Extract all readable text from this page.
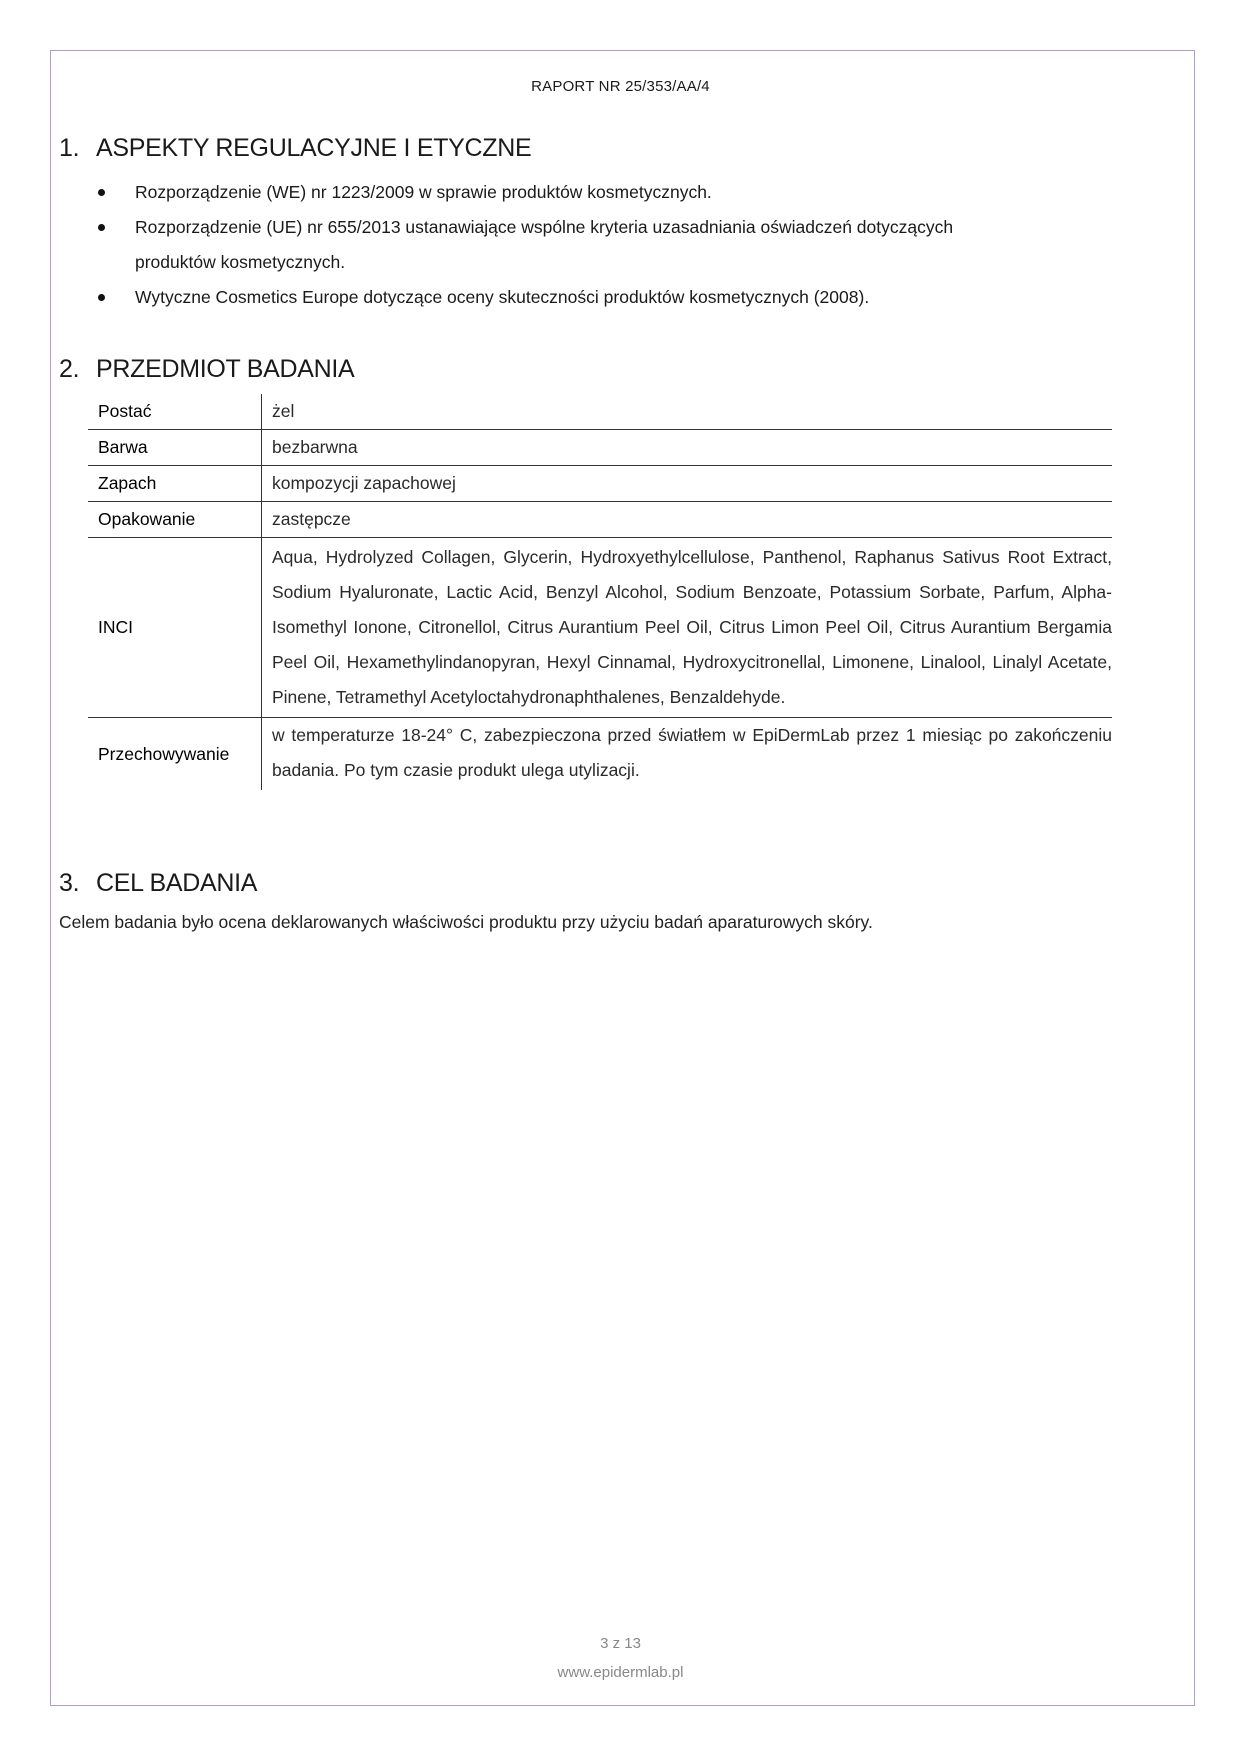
RAPORT NR 25/353/AA/4
1. ASPEKTY REGULACYJNE I ETYCZNE
Rozporządzenie (WE) nr 1223/2009 w sprawie produktów kosmetycznych.
Rozporządzenie (UE) nr 655/2013 ustanawiające wspólne kryteria uzasadniania oświadczeń dotyczących produktów kosmetycznych.
Wytyczne Cosmetics Europe dotyczące oceny skuteczności produktów kosmetycznych (2008).
2. PRZEDMIOT BADANIA
Postać	żel
Barwa	bezbarwna
Zapach	kompozycji zapachowej
Opakowanie	zastępcze
INCI	Aqua, Hydrolyzed Collagen, Glycerin, Hydroxyethylcellulose, Panthenol, Raphanus Sativus Root Extract, Sodium Hyaluronate, Lactic Acid, Benzyl Alcohol, Sodium Benzoate, Potassium Sorbate, Parfum, Alpha-Isomethyl Ionone, Citronellol, Citrus Aurantium Peel Oil, Citrus Limon Peel Oil, Citrus Aurantium Bergamia Peel Oil, Hexamethylindanopyran, Hexyl Cinnamal, Hydroxycitronellal, Limonene, Linalool, Linalyl Acetate, Pinene, Tetramethyl Acetyloctahydronaphthalenes, Benzaldehyde.
Przechowywanie	w temperaturze 18-24° C, zabezpieczona przed światłem w EpiDermLab przez 1 miesiąc po zakończeniu badania. Po tym czasie produkt ulega utylizacji.
3. CEL BADANIA

Celem badania było ocena deklarowanych właściwości produktu przy użyciu badań aparaturowych skóry.

3 z 13
www.epidermlab.pl
